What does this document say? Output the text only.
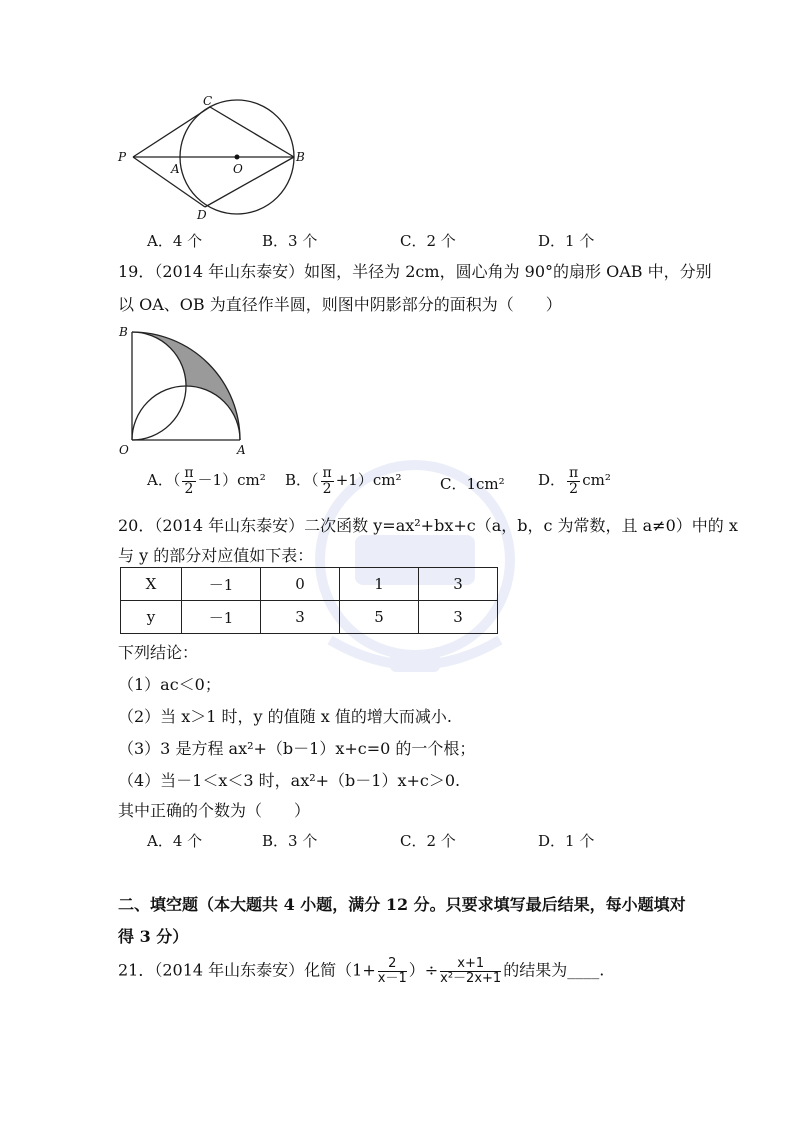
C
P
A	O
B
D
A．4 个	B．3 个	C．2 个	D．1 个
19．（2014 年山东泰安）如图，半径为 2cm，圆心角为 90°的扇形 OAB 中，分别
以 OA、OB 为直径作半圆，则图中阴影部分的面积为（　　）
B
O	A
A．（ $\frac{\pi}{2} -1)cm^2$ B．（ $\frac{\pi}{2} +1)cm^2$	C．1cm² D． $\frac{\pi}{2} cm^2$
20．（2014 年山东泰安）二次函数 y=ax²+bx+c（a，b，c 为常数，且 a≠0）中的 x
与 y 的部分对应值如下表：
X	－1	0	1	3
y	－1	3	5	3
下列结论：
（1）ac＜0；
（2）当 x＞1 时，y 的值随 x 值的增大而减小.
（3）3 是方程 ax²+（b－1）x+c=0 的一个根；
（4）当－1＜x＜3 时，ax²+（b－1）x+c＞0.
其中正确的个数为（　　）
A．4 个	B．3 个	C．2 个	D．1 个
二、填空题（本大题共 4 小题，满分 12 分。只要求填写最后结果，每小题填对
得 3 分）
21．（2014 年山东泰安）化简（$1+ \frac{2}{x-1}$ ）÷ $\frac{x+1}{\text{x²－2x+1}}$ 的结果为____.
